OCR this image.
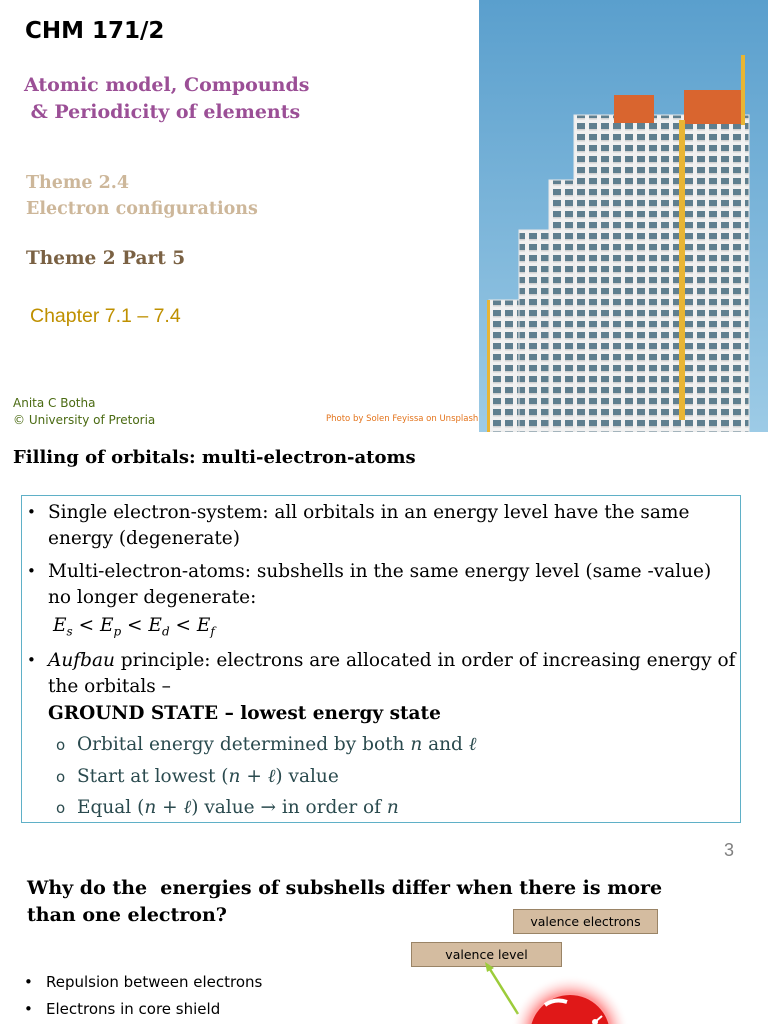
CHM 171/2
Atomic model, Compounds
& Periodicity of elements
Theme 2.4
Electron configurations
Theme 2 Part 5
Chapter 7.1 – 7.4
Anita C Botha
© University of Pretoria	Photo by Solen Feyissa on Unsplash
Filling of orbitals: multi-electron-atoms
• Single electron-system: all orbitals in an energy level have the same
energy (degenerate)
• Multi-electron-atoms: subshells in the same energy level (same -value)
no longer degenerate:
$E_s < E_p < E_d < E_f$
• Aufbau principle: electrons are allocated in order of increasing energy of
the orbitals –
GROUND STATE – lowest energy state
o Orbital energy determined by both n and ℓ
o Start at lowest (n + ℓ) value
o Equal (n + ℓ) value → in order of n
3
Why do the  energies of subshells differ when there is more
than one electron?
• Repulsion between electrons
• Electrons in core shield
valence electrons
valence level
